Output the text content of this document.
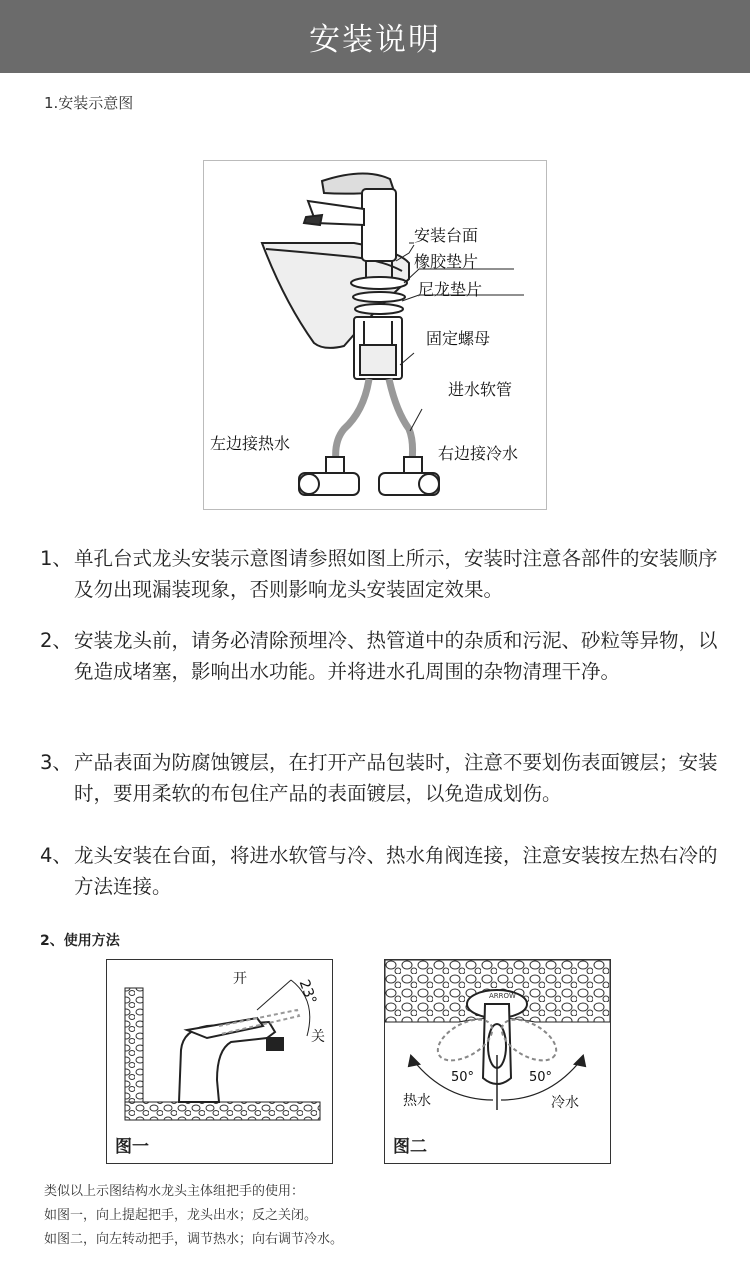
安装说明
1.安装示意图
安装台面
橡胶垫片
尼龙垫片
固定螺母
进水软管
左边接热水
右边接冷水
1、 单孔台式龙头安装示意图请参照如图上所示，安装时注意各部件的安装顺序及勿出现漏装现象，否则影响龙头安装固定效果。
2、 安装龙头前，请务必清除预埋冷、热管道中的杂质和污泥、砂粒等异物，以免造成堵塞，影响出水功能。并将进水孔周围的杂物清理干净。
3、 产品表面为防腐蚀镀层，在打开产品包装时，注意不要划伤表面镀层；安装时，要用柔软的布包住产品的表面镀层，以免造成划伤。
4、 龙头安装在台面，将进水软管与冷、热水角阀连接，注意安装按左热右冷的方法连接。
2、使用方法
开	23°
关
图一
ARROW
50°	50°
热水	冷水
图二
类似以上示图结构水龙头主体组把手的使用：
如图一，向上提起把手，龙头出水；反之关闭。
如图二，向左转动把手，调节热水；向右调节冷水。
